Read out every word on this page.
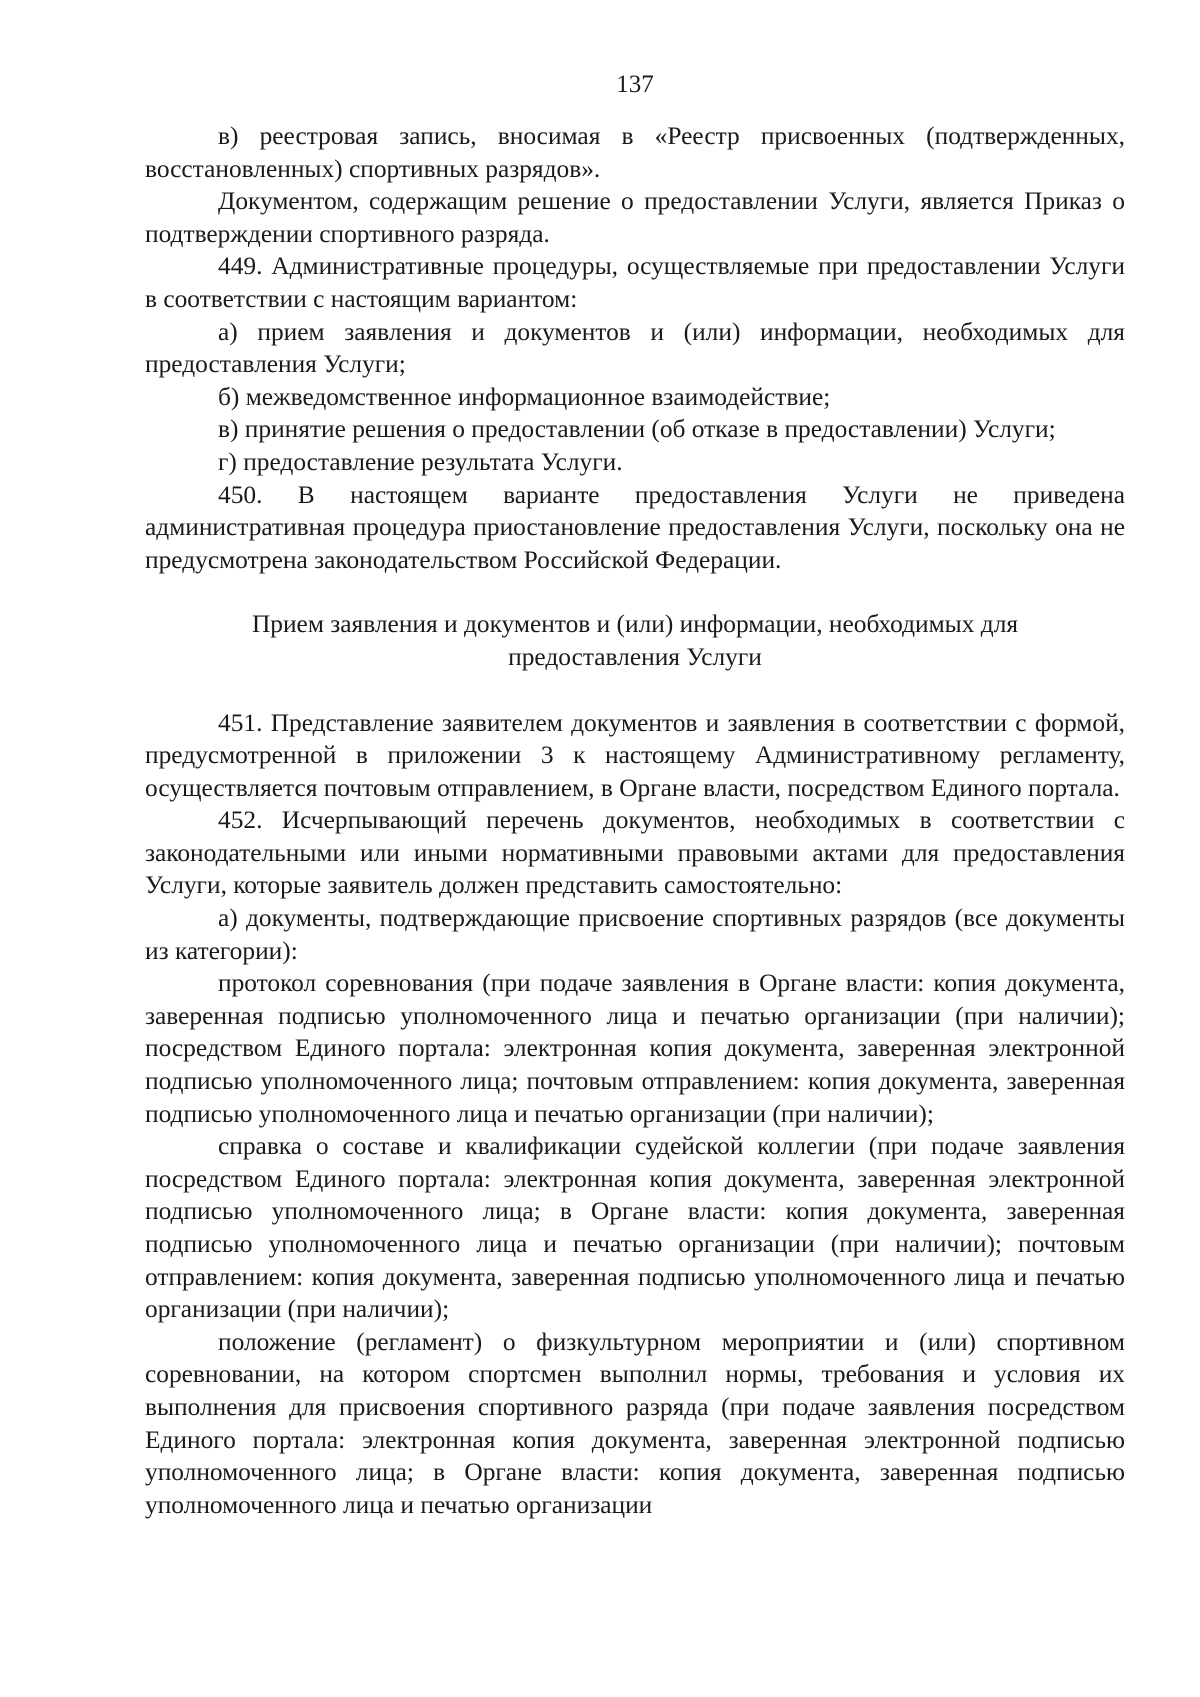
137

в) реестровая запись, вносимая в «Реестр присвоенных (подтвержденных, восстановленных) спортивных разрядов».

Документом, содержащим решение о предоставлении Услуги, является Приказ о подтверждении спортивного разряда.

449. Административные процедуры, осуществляемые при предоставлении Услуги в соответствии с настоящим вариантом:

а) прием заявления и документов и (или) информации, необходимых для предоставления Услуги;

б) межведомственное информационное взаимодействие;

в) принятие решения о предоставлении (об отказе в предоставлении) Услуги;

г) предоставление результата Услуги.

450. В настоящем варианте предоставления Услуги не приведена административная процедура приостановление предоставления Услуги, поскольку она не предусмотрена законодательством Российской Федерации.

Прием заявления и документов и (или) информации, необходимых для предоставления Услуги

451. Представление заявителем документов и заявления в соответствии с формой, предусмотренной в приложении 3 к настоящему Административному регламенту, осуществляется почтовым отправлением, в Органе власти, посредством Единого портала.

452. Исчерпывающий перечень документов, необходимых в соответствии с законодательными или иными нормативными правовыми актами для предоставления Услуги, которые заявитель должен представить самостоятельно:

а) документы, подтверждающие присвоение спортивных разрядов (все документы из категории):

протокол соревнования (при подаче заявления в Органе власти: копия документа, заверенная подписью уполномоченного лица и печатью организации (при наличии); посредством Единого портала: электронная копия документа, заверенная электронной подписью уполномоченного лица; почтовым отправлением: копия документа, заверенная подписью уполномоченного лица и печатью организации (при наличии);

справка о составе и квалификации судейской коллегии (при подаче заявления посредством Единого портала: электронная копия документа, заверенная электронной подписью уполномоченного лица; в Органе власти: копия документа, заверенная подписью уполномоченного лица и печатью организации (при наличии); почтовым отправлением: копия документа, заверенная подписью уполномоченного лица и печатью организации (при наличии);

положение (регламент) о физкультурном мероприятии и (или) спортивном соревновании, на котором спортсмен выполнил нормы, требования и условия их выполнения для присвоения спортивного разряда (при подаче заявления посредством Единого портала: электронная копия документа, заверенная электронной подписью уполномоченного лица; в Органе власти: копия документа, заверенная подписью уполномоченного лица и печатью организации
